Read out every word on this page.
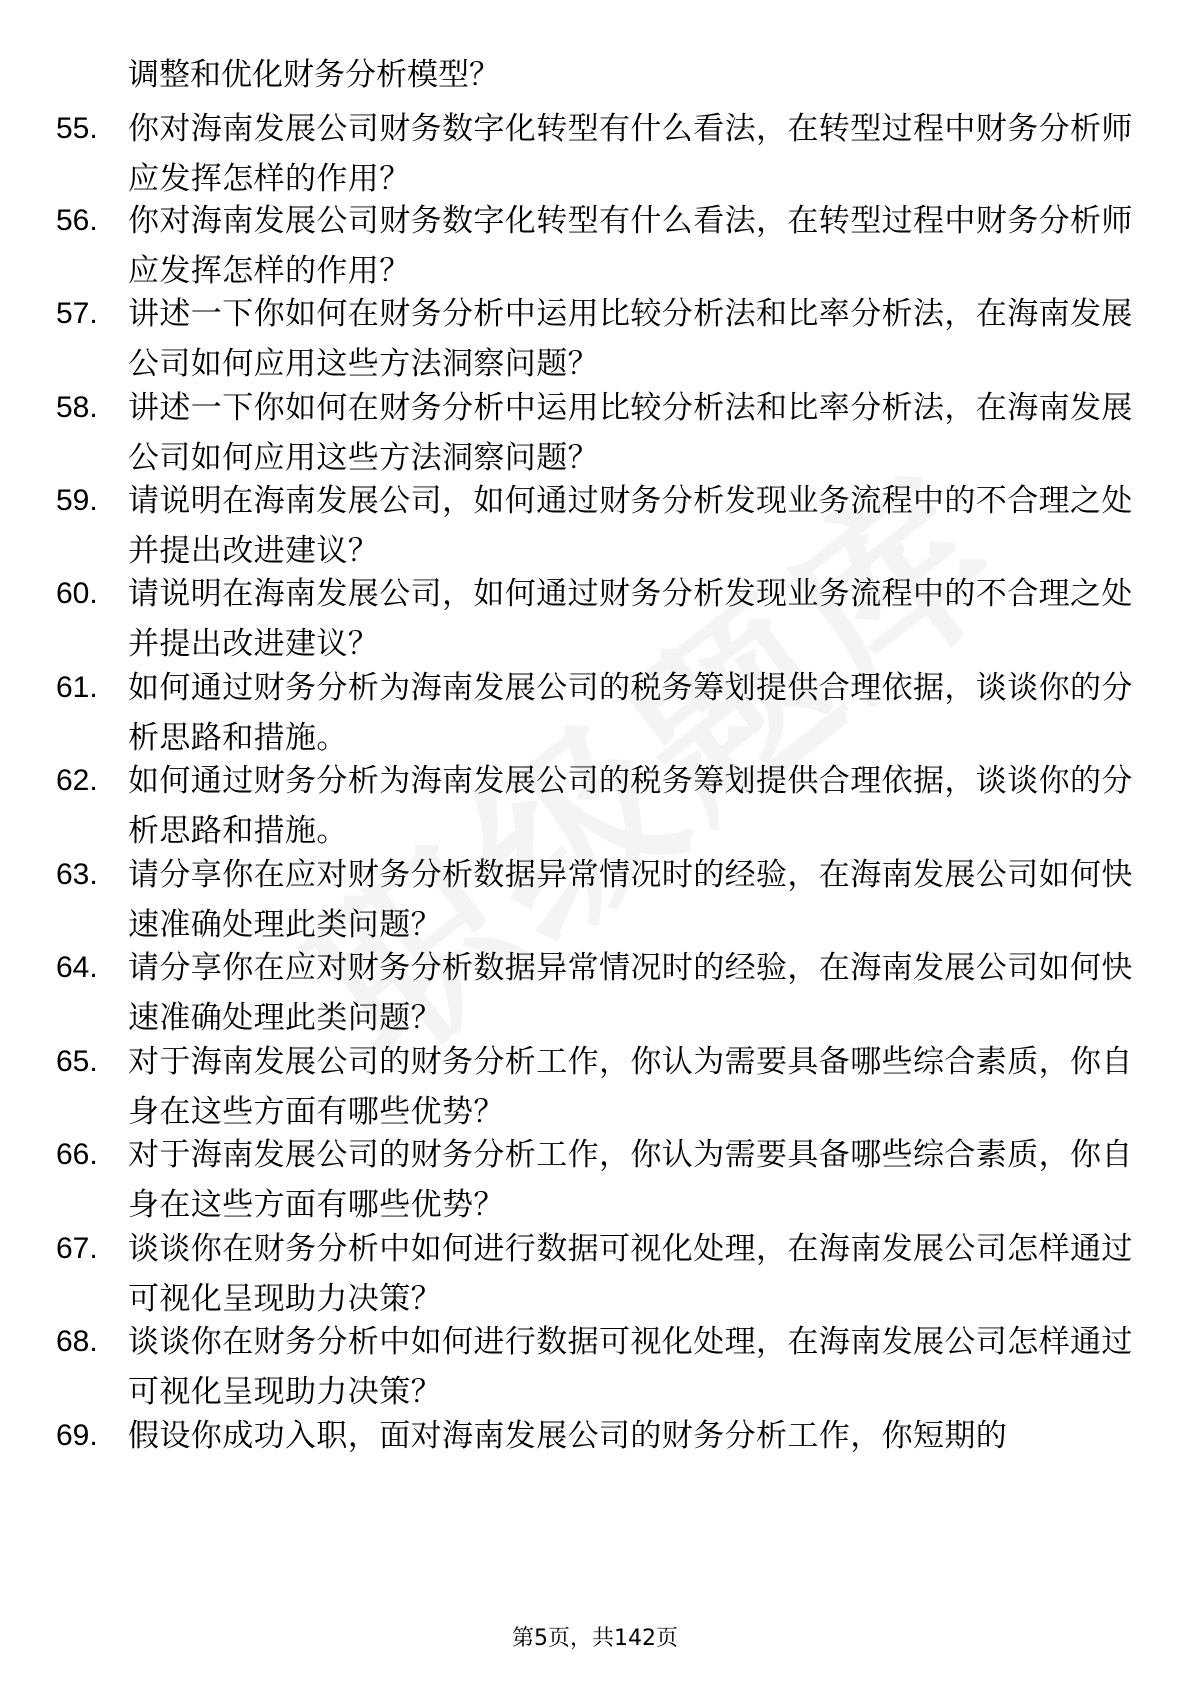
调整和优化财务分析模型？
55. 你对海南发展公司财务数字化转型有什么看法，在转型过程中财务分析师应发挥怎样的作用？
56. 你对海南发展公司财务数字化转型有什么看法，在转型过程中财务分析师应发挥怎样的作用？
57. 讲述一下你如何在财务分析中运用比较分析法和比率分析法，在海南发展公司如何应用这些方法洞察问题？
58. 讲述一下你如何在财务分析中运用比较分析法和比率分析法，在海南发展公司如何应用这些方法洞察问题？
59. 请说明在海南发展公司，如何通过财务分析发现业务流程中的不合理之处并提出改进建议？
60. 请说明在海南发展公司，如何通过财务分析发现业务流程中的不合理之处并提出改进建议？
61. 如何通过财务分析为海南发展公司的税务筹划提供合理依据，谈谈你的分析思路和措施。
62. 如何通过财务分析为海南发展公司的税务筹划提供合理依据，谈谈你的分析思路和措施。
63. 请分享你在应对财务分析数据异常情况时的经验，在海南发展公司如何快速准确处理此类问题？
64. 请分享你在应对财务分析数据异常情况时的经验，在海南发展公司如何快速准确处理此类问题？
65. 对于海南发展公司的财务分析工作，你认为需要具备哪些综合素质，你自身在这些方面有哪些优势？
66. 对于海南发展公司的财务分析工作，你认为需要具备哪些综合素质，你自身在这些方面有哪些优势？
67. 谈谈你在财务分析中如何进行数据可视化处理，在海南发展公司怎样通过可视化呈现助力决策？
68. 谈谈你在财务分析中如何进行数据可视化处理，在海南发展公司怎样通过可视化呈现助力决策？
69. 假设你成功入职，面对海南发展公司的财务分析工作，你短期的
第5页，共142页
